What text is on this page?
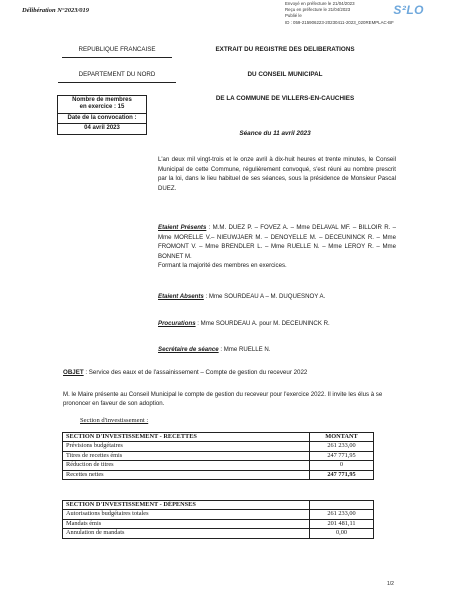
Délibération N°2023/019
Envoyé en préfecture le 21/04/2023
Reçu en préfecture le 21/04/2023
Publié le
ID : 059-215906223-20230411-2023_020REMPLAC-BF
S²LO
REPUBLIQUE FRANCAISE
DEPARTEMENT DU NORD
Nombre de membres
en exercice : 15
Date de la convocation :
04 avril 2023
EXTRAIT DU REGISTRE DES DELIBERATIONS
DU CONSEIL MUNICIPAL
DE LA COMMUNE DE VILLERS-EN-CAUCHIES
Séance du 11 avril 2023
L'an deux mil vingt-trois et le onze avril à dix-huit heures et trente minutes, le Conseil Municipal de cette Commune, régulièrement convoqué, s'est réuni au nombre prescrit par la loi, dans le lieu habituel de ses séances, sous la présidence de Monsieur Pascal DUEZ.
Etaient Présents : M.M. DUEZ P. – FOVEZ A. – Mme DELAVAL MF. – BILLOIR R. – Mme MORELLE V.– NIEUWJAER M. – DENOYELLE M. – DECEUNINCK R. – Mme FROMONT V. – Mme BRENDLER L. – Mme RUELLE N. – Mme LEROY R. – Mme BONNET M.
Formant la majorité des membres en exercices.
Etaient Absents : Mme SOURDEAU A – M. DUQUESNOY A.
Procurations : Mme SOURDEAU A. pour M. DECEUNINCK R.
Secrétaire de séance : Mme RUELLE N.
OBJET : Service des eaux et de l'assainissement – Compte de gestion du receveur 2022
M. le Maire présente au Conseil Municipal le compte de gestion du receveur pour l'exercice 2022. Il invite les élus à se prononcer en faveur de son adoption.
Section d'investissement :
SECTION D'INVESTISSEMENT - RECETTES	MONTANT
Prévisions budgétaires	261 233,00
Titres de recettes émis	247 771,95
Réduction de titres	0
Recettes nettes	247 771,95
SECTION D'INVESTISSEMENT - DÉPENSES	
Autorisations budgétaires totales	261 233,00
Mandats émis	201 481,11
Annulation de mandats	0,00
1/2
